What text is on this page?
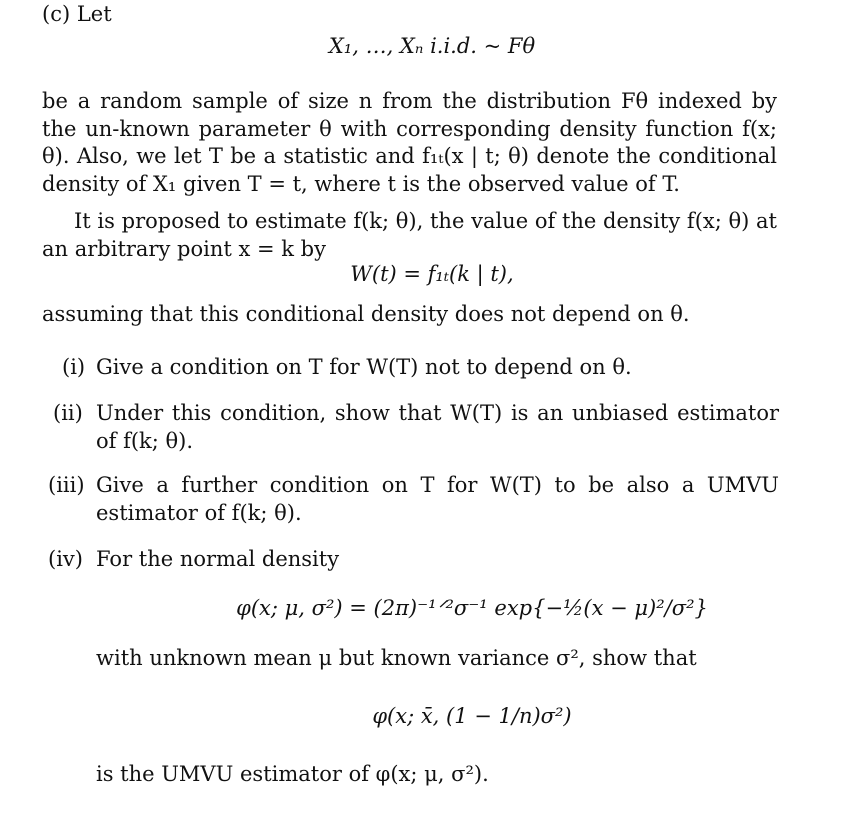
(c) Let
X₁, …, Xₙ i.i.d. ~ Fθ
be a random sample of size n from the distribution Fθ indexed by the un-known parameter θ with corresponding density function f(x; θ). Also, we let T be a statistic and f₁ₜ(x | t; θ) denote the conditional density of X₁ given T = t, where t is the observed value of T.
It is proposed to estimate f(k; θ), the value of the density f(x; θ) at an arbitrary point x = k by
W(t) = f₁ₜ(k | t),
assuming that this conditional density does not depend on θ.
(i) Give a condition on T for W(T) not to depend on θ.
(ii) Under this condition, show that W(T) is an unbiased estimator of f(k; θ).
(iii) Give a further condition on T for W(T) to be also a UMVU estimator of f(k; θ).
(iv) For the normal density
φ(x; μ, σ²) = (2π)⁻¹ᐟ²σ⁻¹ exp{−½(x − μ)²/σ²}
with unknown mean μ but known variance σ², show that
φ(x; x̄, (1 − 1/n)σ²)
is the UMVU estimator of φ(x; μ, σ²).
